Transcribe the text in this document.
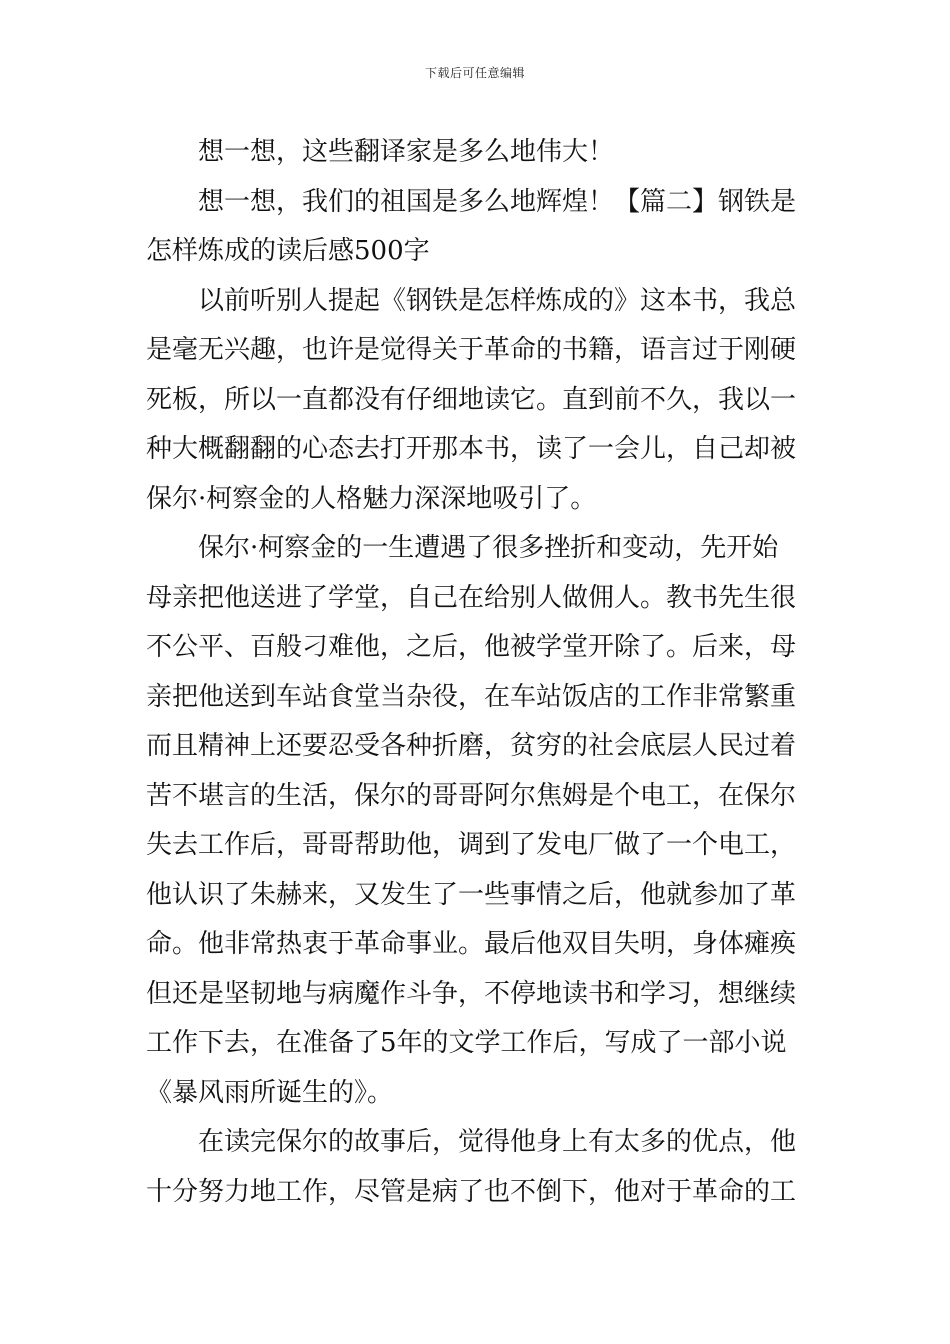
下载后可任意编辑
想一想，这些翻译家是多么地伟大！
想一想，我们的祖国是多么地辉煌！【篇二】钢铁是
怎样炼成的读后感500字
以前听别人提起《钢铁是怎样炼成的》这本书，我总
是毫无兴趣，也许是觉得关于革命的书籍，语言过于刚硬
死板，所以一直都没有仔细地读它。直到前不久，我以一
种大概翻翻的心态去打开那本书，读了一会儿，自己却被
保尔·柯察金的人格魅力深深地吸引了。
保尔·柯察金的一生遭遇了很多挫折和变动，先开始
母亲把他送进了学堂，自己在给别人做佣人。教书先生很
不公平、百般刁难他，之后，他被学堂开除了。后来，母
亲把他送到车站食堂当杂役，在车站饭店的工作非常繁重
而且精神上还要忍受各种折磨，贫穷的社会底层人民过着
苦不堪言的生活，保尔的哥哥阿尔焦姆是个电工，在保尔
失去工作后，哥哥帮助他，调到了发电厂做了一个电工，
他认识了朱赫来，又发生了一些事情之后，他就参加了革
命。他非常热衷于革命事业。最后他双目失明，身体瘫痪
但还是坚韧地与病魔作斗争，不停地读书和学习，想继续
工作下去，在准备了5年的文学工作后，写成了一部小说
《暴风雨所诞生的》。
在读完保尔的故事后，觉得他身上有太多的优点，他
十分努力地工作，尽管是病了也不倒下，他对于革命的工
